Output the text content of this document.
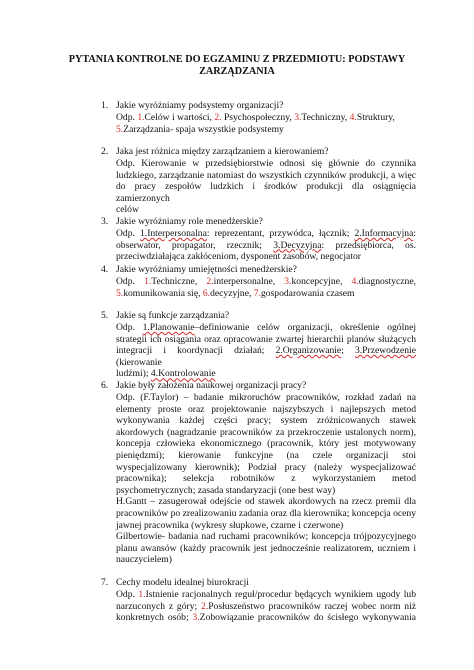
PYTANIA KONTROLNE DO EGZAMINU Z PRZEDMIOTU: PODSTAWY
ZARZĄDZANIA
1. Jakie wyróżniamy podsystemy organizacji?

Odp. 1.Celów i wartości, 2. Psychospołeczny, 3.Techniczny, 4.Struktury,

5.Zarządzania- spaja wszystkie podsystemy

2. Jaka jest różnica między zarządzaniem a kierowaniem?

Odp. Kierowanie w przedsiębiorstwie odnosi się głównie do czynnika

ludzkiego, zarządzanie natomiast do wszystkich czynników produkcji, a więc

do pracy zespołów ludzkich i środków produkcji dla osiągnięcia zamierzonych

celów

3. Jakie wyróżniamy role menedżerskie?

Odp. 1.Interpersonalna: reprezentant, przywódca, łącznik; 2.Informacyjna:

obserwator, propagator, rzecznik; 3.Decyzyjna: przedsiębiorca, os.

przeciwdziałająca zakłóceniom, dysponent zasobów, negocjator

4. Jakie wyróżniamy umiejętności menedżerskie?

Odp. 1.Techniczne, 2.interpersonalne, 3.koncepcyjne, 4.diagnostyczne,

5.komunikowania się, 6.decyzyjne, 7.gospodarowania czasem

5. Jakie są funkcje zarządzania?

Odp. 1.Planowanie–definiowanie celów organizacji, określenie ogólnej

strategii ich osiągania oraz opracowanie zwartej hierarchii planów służących

integracji i koordynacji działań; 2.Organizowanie; 3.Przewodzenie (kierowanie

ludźmi); 4.Kontrolowanie

6. Jakie były założenia naukowej organizacji pracy?

Odp. (F.Taylor) – badanie mikroruchów pracowników, rozkład zadań na

elementy proste oraz projektowanie najszybszych i najlepszych metod

wykonywania każdej części pracy; system zróżnicowanych stawek

akordowych (nagradzanie pracowników za przekroczenie ustalonych norm),

koncepja człowieka ekonomicznego (pracownik, który jest motywowany

pieniędzmi); kierowanie funkcyjne (na czele organizacji stoi

wyspecjalizowany kierownik); Podział pracy (należy wyspecjalizować

pracownika); selekcja robotników z wykorzystaniem metod

psychometrycznych; zasada standaryzacji (one best way)

H.Gantt – zasugerował odejście od stawek akordowych na rzecz premii dla

pracowników po zrealizowaniu zadania oraz dla kierownika; koncepcja oceny

jawnej pracownika (wykresy słupkowe, czarne i czerwone)

Gilbertowie- badania nad ruchami pracowników; koncepcja trójpozycyjnego

planu awansów (każdy pracownik jest jednocześnie realizatorem, uczniem i

nauczycielem)

7. Cechy modelu idealnej biurokracji

Odp. 1.Istnienie racjonalnych reguł/procedur będących wynikiem ugody lub

narzuconych z góry; 2.Posłuszeństwo pracowników raczej wobec norm niż

konkretnych osób; 3.Zobowiązanie pracowników do ścisłego wykonywania
